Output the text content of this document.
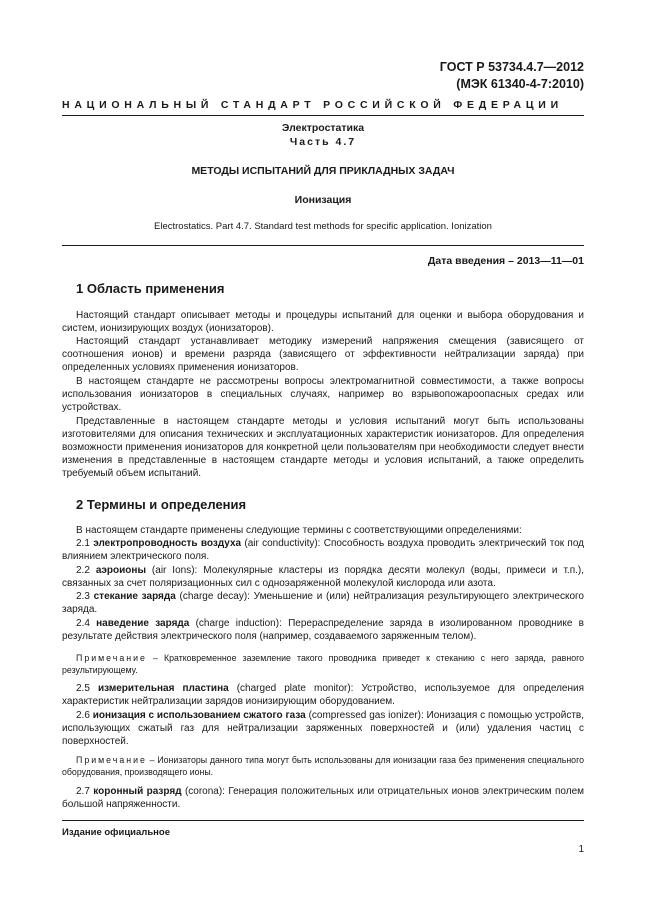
ГОСТ Р 53734.4.7—2012
(МЭК 61340-4-7:2010)
НАЦИОНАЛЬНЫЙ СТАНДАРТ РОССИЙСКОЙ ФЕДЕРАЦИИ
Электростатика
Часть 4.7
МЕТОДЫ ИСПЫТАНИЙ ДЛЯ ПРИКЛАДНЫХ ЗАДАЧ
Ионизация
Electrostatics. Part 4.7. Standard test methods for specific application. Ionization
Дата введения – 2013—11—01
1 Область применения

Настоящий стандарт описывает методы и процедуры испытаний для оценки и выбора оборудования и систем, ионизирующих воздух (ионизаторов).

Настоящий стандарт устанавливает методику измерений напряжения смещения (зависящего от соотношения ионов) и времени разряда (зависящего от эффективности нейтрализации заряда) при определенных условиях применения ионизаторов.

В настоящем стандарте не рассмотрены вопросы электромагнитной совместимости, а также вопросы использования ионизаторов в специальных случаях, например во взрывопожароопасных средах или устройствах.

Представленные в настоящем стандарте методы и условия испытаний могут быть использованы изготовителями для описания технических и эксплуатационных характеристик ионизаторов. Для определения возможности применения ионизаторов для конкретной цели пользователям при необходимости следует внести изменения в представленные в настоящем стандарте методы и условия испытаний, а также определить требуемый объем испытаний.

2 Термины и определения

В настоящем стандарте применены следующие термины с соответствующими определениями:

2.1 электропроводность воздуха (air conductivity): Способность воздуха проводить электрический ток под влиянием электрического поля.

2.2 аэроионы (air Ions): Молекулярные кластеры из порядка десяти молекул (воды, примеси и т.п.), связанных за счет поляризационных сил с одноэаряженной молекулой кислорода или азота.

2.3 стекание заряда (charge decay): Уменьшение и (или) нейтрализация результирующего электрического заряда.

2.4 наведение заряда (charge induction): Перераспределение заряда в изолированном проводнике в результате действия электрического поля (например, создаваемого заряженным телом).

Примечание – Кратковременное заземление такого проводника приведет к стеканию с него заряда, равного результирующему.

2.5 измерительная пластина (charged plate monitor): Устройство, используемое для определения характеристик нейтрализации зарядов ионизирующим оборудованием.

2.6 ионизация с использованием сжатого газа (compressed gas ionizer): Ионизация с помощью устройств, использующих сжатый газ для нейтрализации заряженных поверхностей и (или) удаления частиц с поверхностей.

Примечание – Ионизаторы данного типа могут быть использованы для ионизации газа без применения специального оборудования, производящего ионы.

2.7 коронный разряд (corona): Генерация положительных или отрицательных ионов электрическим полем большой напряженности.

Издание официальное
1
